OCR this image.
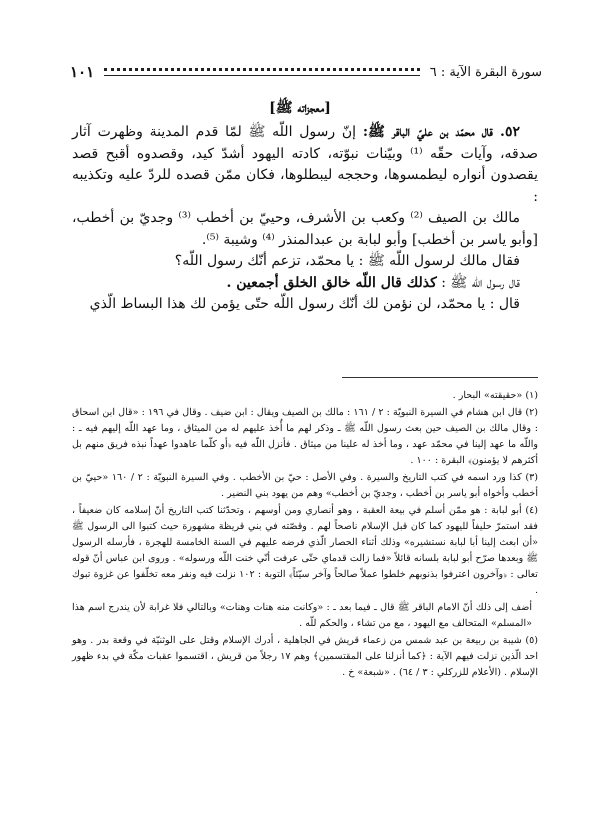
سورة البقرة الآية : ٦
١٠١
[معجزاته ﷺ]

٥٢. قال محمّد بن عليّ الباقر ﷺ: إنّ رسول اللّه ﷺ لمّا قدم المدينة وظهرت آثار صدقه، وآيات حقّه ⁽¹⁾ وبيّنات نبوّته، كادته اليهود أشدّ كيد، وقصدوه أقبح قصد يقصدون أنواره ليطمسوها، وحججه ليبطلوها، فكان ممّن قصده للردّ عليه وتكذيبه :

مالك بن الصيف ⁽²⁾ وكعب بن الأشرف، وحييّ بن أخطب ⁽³⁾ وجديّ بن أخطب، [وأبو ياسر بن أخطب] وأبو لبابة بن عبدالمنذر ⁽⁴⁾ وشيبة ⁽⁵⁾.

فقال مالك لرسول اللّه ﷺ : يا محمّد، تزعم أنّك رسول اللّه؟

قال رسول اللّه ﷺ : كذلك قال اللّه خالق الخلق أجمعين .

قال : يا محمّد، لن نؤمن لك أنّك رسول اللّه حتّى يؤمن لك هذا البساط الّذي

(١) «حقيقته» البحار .

(٢) قال ابن هشام في السيرة النبويّة : ٢ / ١٦١ : مالك بن الصيف ويقال : ابن ضيف . وقال في ١٩٦ : «قال ابن اسحاق : وقال مالك بن الصيف حين بعث رسول اللّه ﷺ ـ وذكر لهم ما أُخذ عليهم له من الميثاق ، وما عهد اللّه إليهم فيه ـ : واللّه ما عهد إلينا في محمّد عهد ، وما أخذ له علينا من ميثاق . فأنزل اللّه فيه ﴿أو كلّما عاهدوا عهداً نبذه فريق منهم بل أكثرهم لا يؤمنون﴾ البقرة : ١٠٠ .

(٣) كذا ورد اسمه في كتب التاريخ والسيرة . وفي الأصل : حيّ بن الأخطب . وفي السيرة النبويّة : ٢ / ١٦٠ «حييّ بن أخطب وأخواه أبو ياسر بن أخطب ، وجديّ بن أخطب» وهم من يهود بني النضير .

(٤) أبو لبابة : هو ممّن أسلم في بيعة العقبة ، وهو أنصاري ومن أوسهم ، وتحدّثنا كتب التاريخ أنّ إسلامه كان ضعيفاً ، فقد استمرّ حليفاً لليهود كما كان قبل الإسلام ناصحاً لهم . وقصّته في بني قريظة مشهورة حيث كتبوا الى الرسول ﷺ «أن ابعث إلينا أبا لبابة نستشيره» وذلك أثناء الحصار الّذي فرضه عليهم في السنة الخامسة للهجرة ، فأرسله الرسول ﷺ وبعدها صرّح أبو لبابة بلسانه قائلاً «فما زالت قدماي حتّى عرفت أنّي خنت اللّه ورسوله» . وروى ابن عباس أنّ قوله تعالى : ﴿وآخرون اعترفوا بذنوبهم خلطوا عملاً صالحاً وآخر سيّئاً﴾ التوبة : ١٠٢ نزلت فيه ونفر معه تخلّفوا عن غزوة تبوك .

أضف إلى ذلك أنّ الامام الباقر ﷺ قال ـ فيما بعد ـ : «وكانت منه هنات وهنات» وبالتالي فلا غرابة لأن يندرج اسم هذا «المسلم» المتحالف مع اليهود ، مع من تشاء ، والحكم للّه .

(٥) شيبة بن ربيعة بن عبد شمس من زعماء قريش في الجاهلية ، أدرك الإسلام وقتل على الوثنيّة في وقعة بدر . وهو احد الّذين نزلت فيهم الآية : ﴿كما أنزلنا على المقتسمين﴾ وهم ١٧ رجلاً من قريش ، اقتسموا عقبات مكّة في بدء ظهور الإسلام . (الأعلام للزركلي : ٣ / ٦٤) . «شبعة» خ .
